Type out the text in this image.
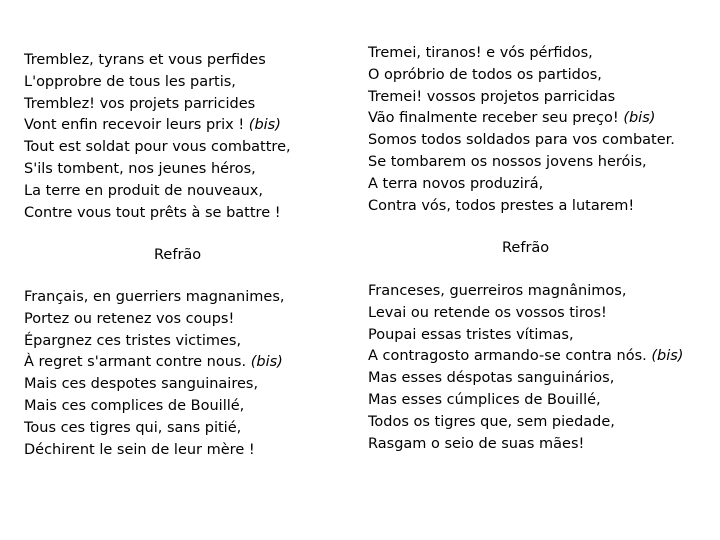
Tremblez, tyrans et vous perfides
L'opprobre de tous les partis,
Tremblez! vos projets parricides
Vont enfin recevoir leurs prix ! (bis)
Tout est soldat pour vous combattre,
S'ils tombent, nos jeunes héros,
La terre en produit de nouveaux,
Contre vous tout prêts à se battre !
Refrão
Français, en guerriers magnanimes,
Portez ou retenez vos coups!
Épargnez ces tristes victimes,
À regret s'armant contre nous. (bis)
Mais ces despotes sanguinaires,
Mais ces complices de Bouillé,
Tous ces tigres qui, sans pitié,
Déchirent le sein de leur mère !
Tremei, tiranos! e vós pérfidos,
O opróbrio de todos os partidos,
Tremei! vossos projetos parricidas
Vão finalmente receber seu preço! (bis)
Somos todos soldados para vos combater.
Se tombarem os nossos jovens heróis,
A terra novos produzirá,
Contra vós, todos prestes a lutarem!
Refrão
Franceses, guerreiros magnânimos,
Levai ou retende os vossos tiros!
Poupai essas tristes vítimas,
A contragosto armando-se contra nós. (bis)
Mas esses déspotas sanguinários,
Mas esses cúmplices de Bouillé,
Todos os tigres que, sem piedade,
Rasgam o seio de suas mães!
